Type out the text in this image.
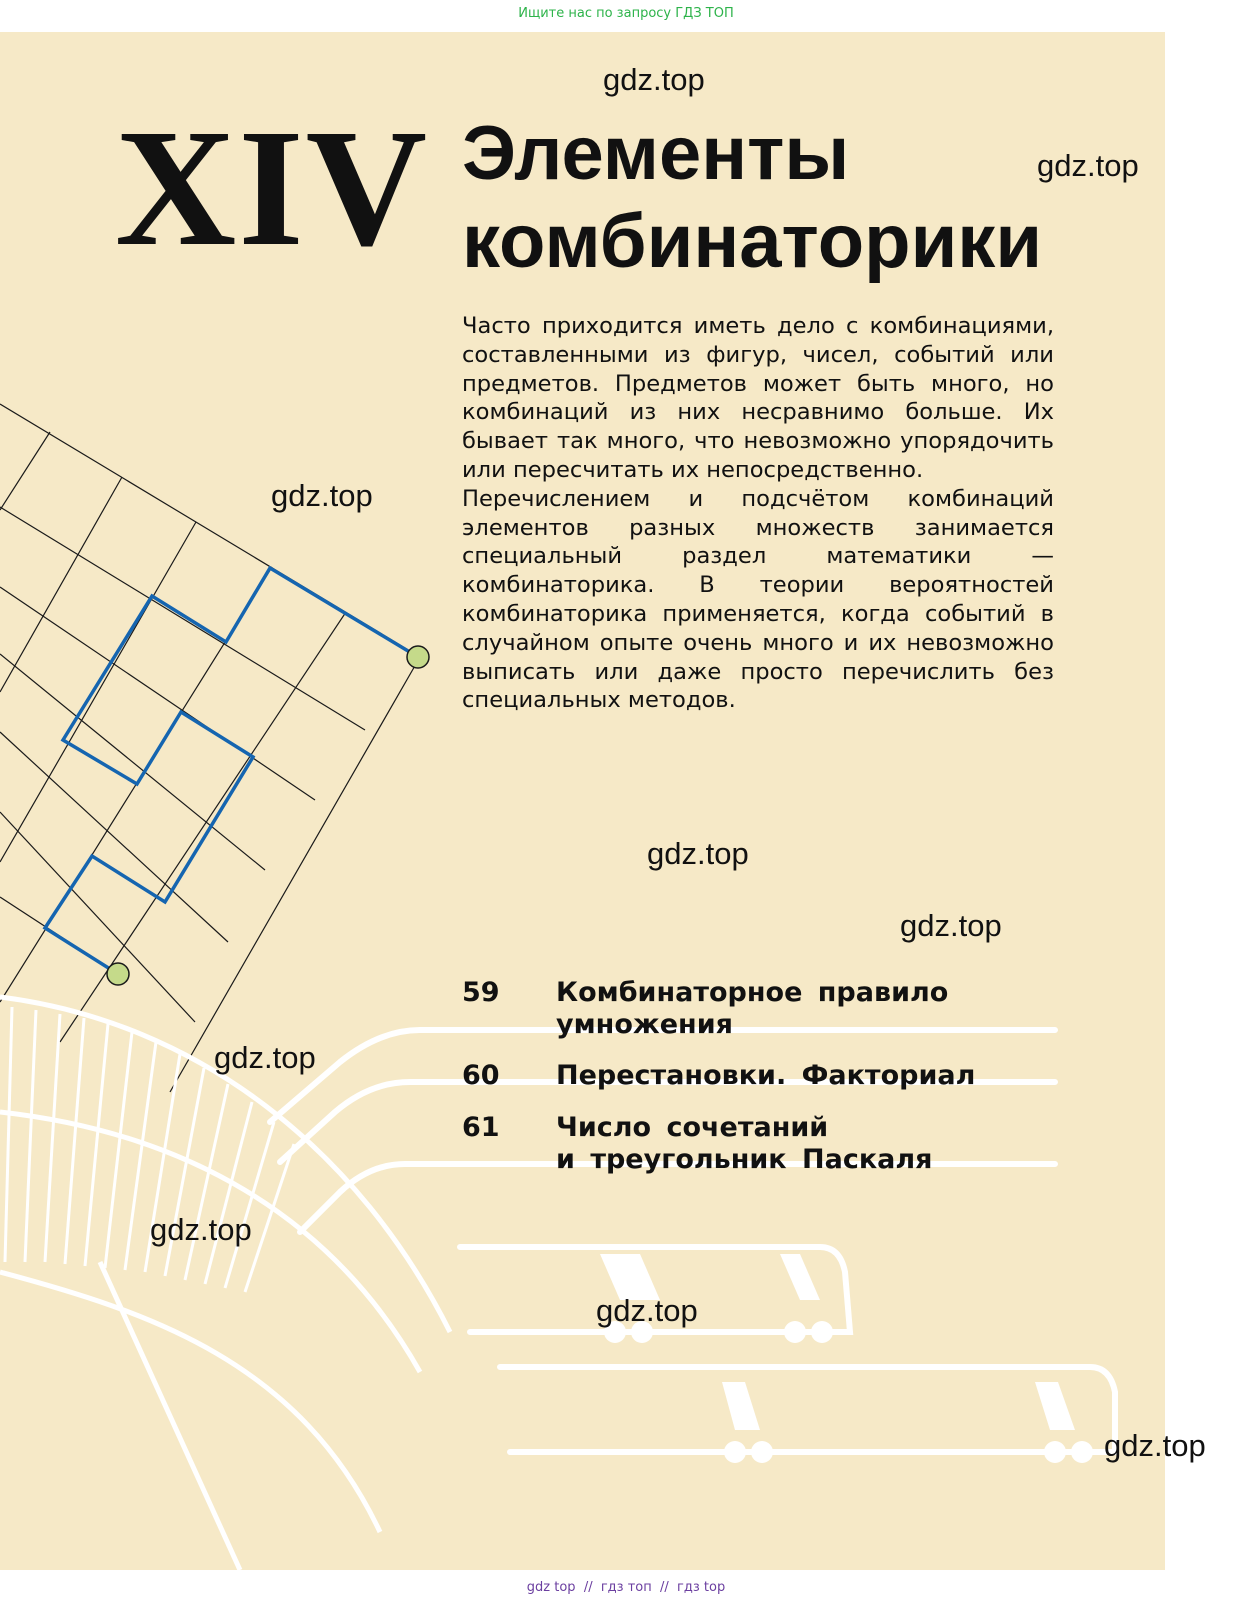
Ищите нас по запросу ГДЗ ТОП
XIV Элементы
комбинаторики

Часто приходится иметь дело с комбинациями, составленными из фигур, чисел, событий или предметов. Предметов может быть много, но комбинаций из них несравнимо больше. Их бывает так много, что невозможно упорядочить или пересчитать их непосредственно.

Перечислением и подсчётом комбинаций элементов разных множеств занимается специальный раздел математики — комбинаторика. В теории вероятностей комбинаторика применяется, когда событий в случайном опыте очень много и их невозможно выписать или даже просто перечислить без специальных методов.

59 Комбинаторное правило
умножения
60 Перестановки. Факториал
61 Число сочетаний
и треугольник Паскаля
gdz.top
gdz.top
gdz.top
gdz.top
gdz.top
gdz.top
gdz.top
gdz.top
gdz.top
gdz top  //  гдз топ  //  гдз top
